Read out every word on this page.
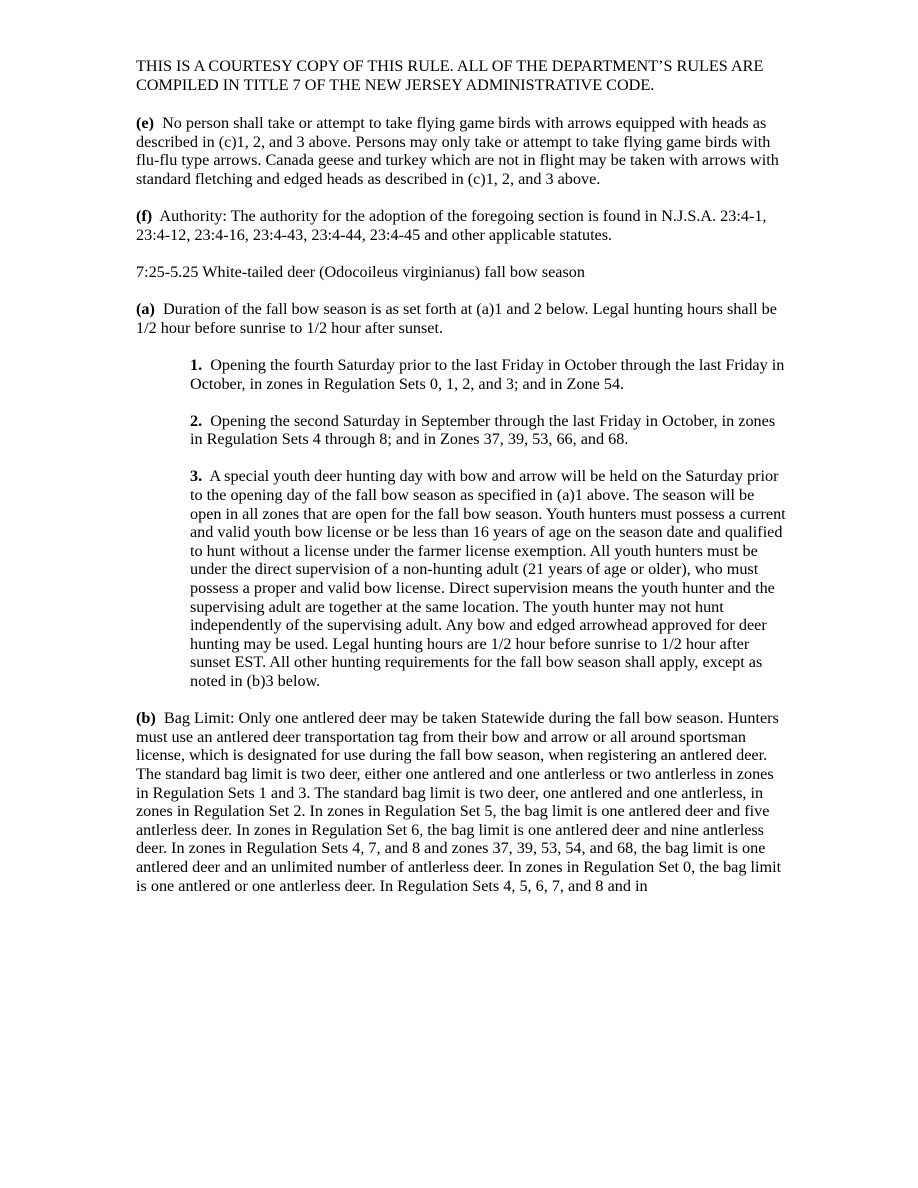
THIS IS A COURTESY COPY OF THIS RULE. ALL OF THE DEPARTMENT’S RULES ARE COMPILED IN TITLE 7 OF THE NEW JERSEY ADMINISTRATIVE CODE.

(e) No person shall take or attempt to take flying game birds with arrows equipped with heads as described in (c)1, 2, and 3 above. Persons may only take or attempt to take flying game birds with flu-flu type arrows. Canada geese and turkey which are not in flight may be taken with arrows with standard fletching and edged heads as described in (c)1, 2, and 3 above.

(f) Authority: The authority for the adoption of the foregoing section is found in N.J.S.A. 23:4-1, 23:4-12, 23:4-16, 23:4-43, 23:4-44, 23:4-45 and other applicable statutes.

7:25-5.25 White-tailed deer (Odocoileus virginianus) fall bow season

(a) Duration of the fall bow season is as set forth at (a)1 and 2 below. Legal hunting hours shall be 1/2 hour before sunrise to 1/2 hour after sunset.

1. Opening the fourth Saturday prior to the last Friday in October through the last Friday in October, in zones in Regulation Sets 0, 1, 2, and 3; and in Zone 54.

2. Opening the second Saturday in September through the last Friday in October, in zones in Regulation Sets 4 through 8; and in Zones 37, 39, 53, 66, and 68.

3. A special youth deer hunting day with bow and arrow will be held on the Saturday prior to the opening day of the fall bow season as specified in (a)1 above. The season will be open in all zones that are open for the fall bow season. Youth hunters must possess a current and valid youth bow license or be less than 16 years of age on the season date and qualified to hunt without a license under the farmer license exemption. All youth hunters must be under the direct supervision of a non-hunting adult (21 years of age or older), who must possess a proper and valid bow license. Direct supervision means the youth hunter and the supervising adult are together at the same location. The youth hunter may not hunt independently of the supervising adult. Any bow and edged arrowhead approved for deer hunting may be used. Legal hunting hours are 1/2 hour before sunrise to 1/2 hour after sunset EST. All other hunting requirements for the fall bow season shall apply, except as noted in (b)3 below.

(b) Bag Limit: Only one antlered deer may be taken Statewide during the fall bow season. Hunters must use an antlered deer transportation tag from their bow and arrow or all around sportsman license, which is designated for use during the fall bow season, when registering an antlered deer. The standard bag limit is two deer, either one antlered and one antlerless or two antlerless in zones in Regulation Sets 1 and 3. The standard bag limit is two deer, one antlered and one antlerless, in zones in Regulation Set 2. In zones in Regulation Set 5, the bag limit is one antlered deer and five antlerless deer. In zones in Regulation Set 6, the bag limit is one antlered deer and nine antlerless deer. In zones in Regulation Sets 4, 7, and 8 and zones 37, 39, 53, 54, and 68, the bag limit is one antlered deer and an unlimited number of antlerless deer. In zones in Regulation Set 0, the bag limit is one antlered or one antlerless deer. In Regulation Sets 4, 5, 6, 7, and 8 and in
